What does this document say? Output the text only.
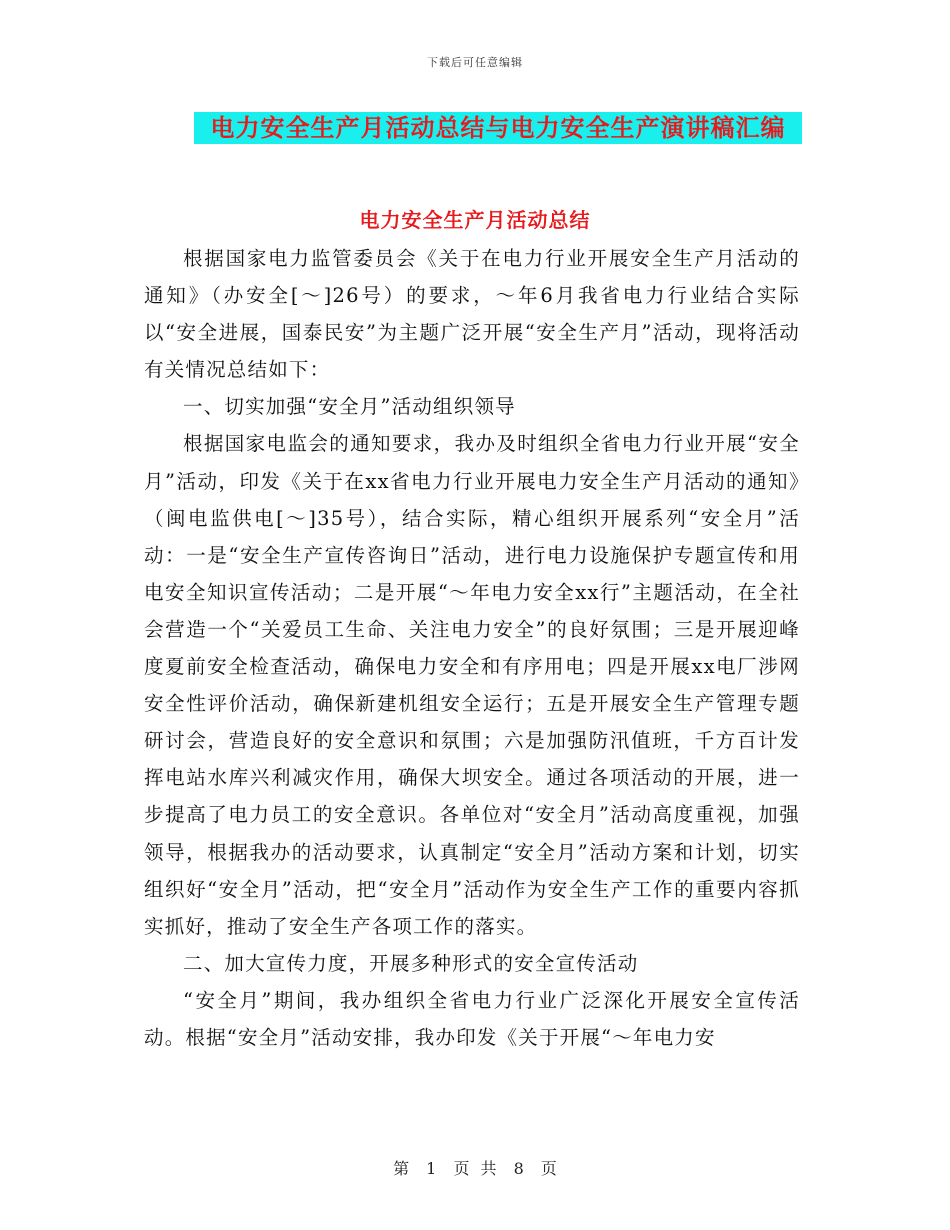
下载后可任意编辑
电力安全生产月活动总结与电力安全生产演讲稿汇编
电力安全生产月活动总结

根据国家电力监管委员会《关于在电力行业开展安全生产月活动的通知》（办安全[～]26号）的要求，～年6月我省电力行业结合实际以“安全进展，国泰民安”为主题广泛开展“安全生产月”活动，现将活动有关情况总结如下：

一、切实加强“安全月”活动组织领导

根据国家电监会的通知要求，我办及时组织全省电力行业开展“安全月”活动，印发《关于在xx省电力行业开展电力安全生产月活动的通知》（闽电监供电[～]35号），结合实际，精心组织开展系列“安全月”活动：一是“安全生产宣传咨询日”活动，进行电力设施保护专题宣传和用电安全知识宣传活动；二是开展“～年电力安全xx行”主题活动，在全社会营造一个“关爱员工生命、关注电力安全”的良好氛围；三是开展迎峰度夏前安全检查活动，确保电力安全和有序用电；四是开展xx电厂涉网安全性评价活动，确保新建机组安全运行；五是开展安全生产管理专题研讨会，营造良好的安全意识和氛围；六是加强防汛值班，千方百计发挥电站水库兴利减灾作用，确保大坝安全。通过各项活动的开展，进一步提高了电力员工的安全意识。各单位对“安全月”活动高度重视，加强领导，根据我办的活动要求，认真制定“安全月”活动方案和计划，切实组织好“安全月”活动，把“安全月”活动作为安全生产工作的重要内容抓实抓好，推动了安全生产各项工作的落实。

二、加大宣传力度，开展多种形式的安全宣传活动

“安全月”期间，我办组织全省电力行业广泛深化开展安全宣传活动。根据“安全月”活动安排，我办印发《关于开展“～年电力安

第 1 页 共 8 页
